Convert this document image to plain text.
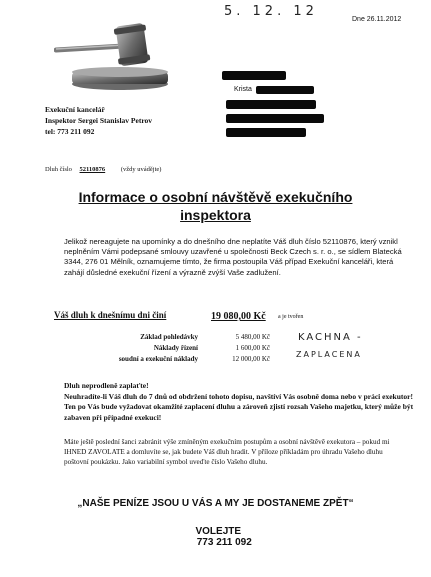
5. 12. 12
Dne 26.11.2012
Krista
Exekuční kancelář
Inspektor Sergei Stanislav Petrov
tel: 773 211 092
Dluh číslo 52110876 (vždy uvádějte)
Informace o osobní návštěvě exekučního
inspektora
Jelikož nereagujete na upomínky a do dnešního dne neplatíte Váš dluh číslo 52110876, který vznikl neplněním Vámi podepsané smlouvy uzavřené u společnosti Beck Czech s. r. o., se sídlem Blatecká 3344, 276 01 Mělník, oznamujeme tímto, že firma postoupila Váš případ Exekuční kanceláři, která zahájí důsledné exekuční řízení a výrazně zvýší Vaše zadlužení.
Váš dluh k dnešnímu dni činí	19 080,00 Kč a je tvořen
Základ pohledávky	5 480,00 Kč
Náklady řízení	1 600,00 Kč
soudní a exekuční náklady	12 000,00 Kč
KACHNA -
ZAPLACENA
Dluh neprodleně zaplaťte!
Neuhradíte-li Váš dluh do 7 dnů od obdržení tohoto dopisu, navštíví Vás osobně doma nebo v práci exekutor! Ten po Vás bude vyžadovat okamžité zaplacení dluhu a zároveň zjistí rozsah Vašeho majetku, který může být zabaven při případné exekuci!
Máte ještě poslední šanci zabránit výše zmíněným exekučním postupům a osobní návštěvě exekutora – pokud mi IHNED ZAVOLATE a domluvíte se, jak budete Váš dluh hradit. V příloze příkladám pro úhradu Vašeho dluhu poštovní poukázku. Jako variabilní symbol uveďte číslo Vašeho dluhu.
„NAŠE PENÍZE JSOU U VÁS A MY JE DOSTANEME ZPĚT“

VOLEJTE
773 211 092
